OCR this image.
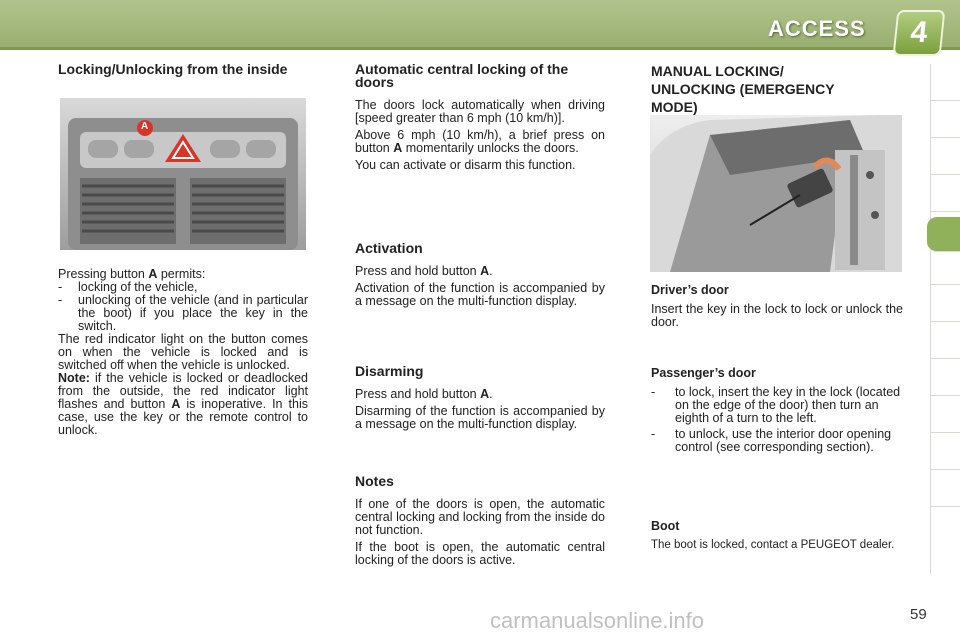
ACCESS	4
Locking/Unlocking from the inside
A

Pressing button A permits:

-	locking of the vehicle,
-	unlocking of the vehicle (and in particular the boot) if you place the key in the switch.

The red indicator light on the button comes on when the vehicle is locked and is switched off when the vehicle is unlocked.

Note: if the vehicle is locked or deadlocked from the outside, the red indicator light flashes and button A is inoperative. In this case, use the key or the remote control to unlock.

Automatic central locking of the doors

The doors lock automatically when driving [speed greater than 6 mph (10 km/h)].

Above 6 mph (10 km/h), a brief press on button A momentarily unlocks the doors.

You can activate or disarm this function.

Activation

Press and hold button A.

Activation of the function is accompanied by a message on the multi-function display.

Disarming

Press and hold button A.

Disarming of the function is accompanied by a message on the multi-function display.

Notes

If one of the doors is open, the automatic central locking and locking from the inside do not function.

If the boot is open, the automatic central locking of the doors is active.

MANUAL LOCKING/ UNLOCKING (EMERGENCY MODE)

Driver’s door

Insert the key in the lock to lock or unlock the door.

Passenger’s door

-	to lock, insert the key in the lock (located on the edge of the door) then turn an eighth of a turn to the left.
-	to unlock, use the interior door opening control (see corresponding section).

Boot

The boot is locked, contact a PEUGEOT dealer.

carmanualsonline.info	59
